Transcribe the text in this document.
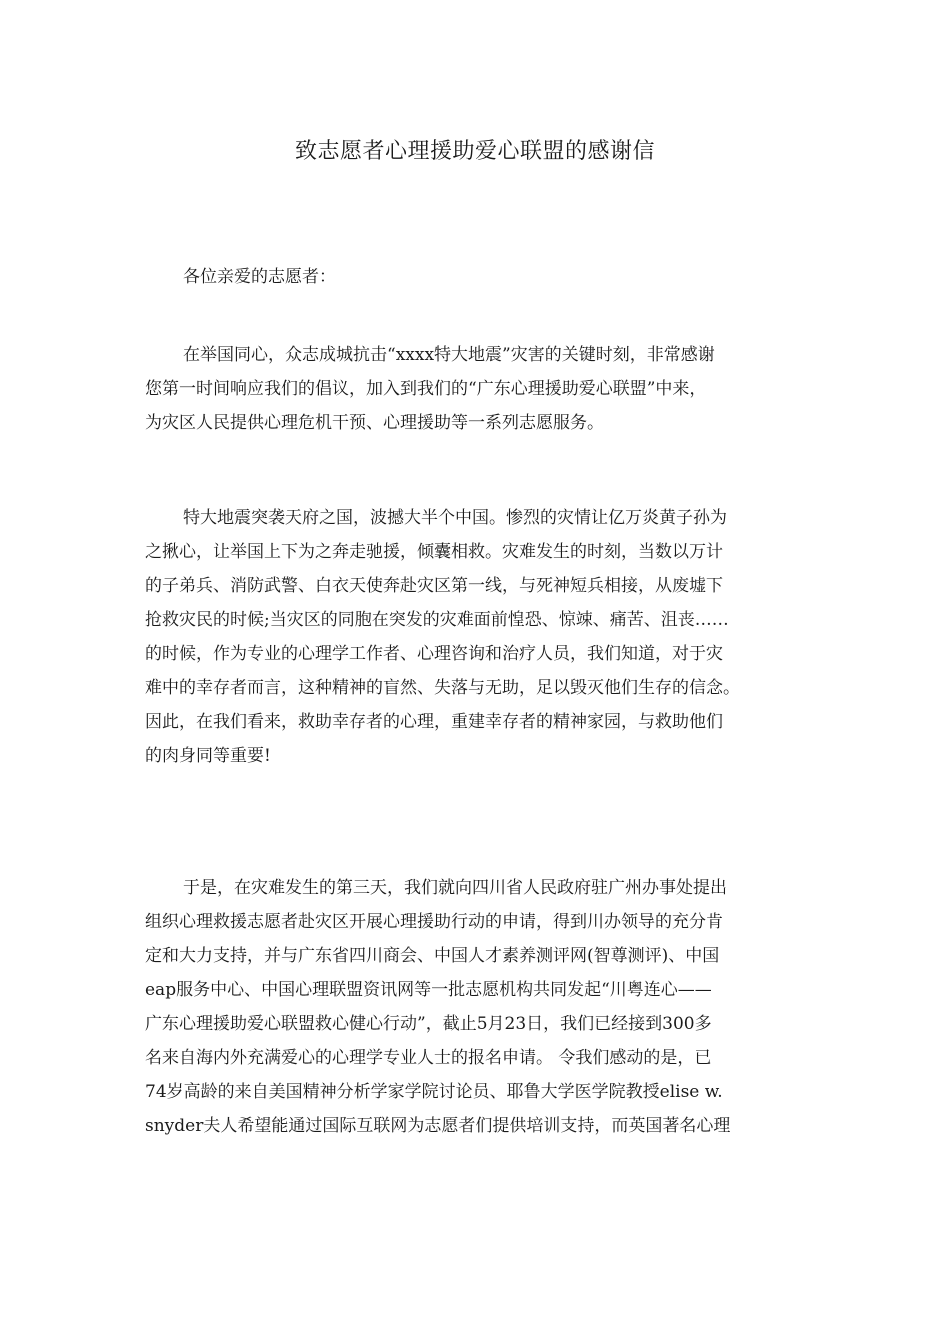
致志愿者心理援助爱心联盟的感谢信
各位亲爱的志愿者：
在举国同心，众志成城抗击“xxxx特大地震”灾害的关键时刻，非常感谢
您第一时间响应我们的倡议，加入到我们的“广东心理援助爱心联盟”中来，
为灾区人民提供心理危机干预、心理援助等一系列志愿服务。
特大地震突袭天府之国，波撼大半个中国。惨烈的灾情让亿万炎黄子孙为
之揪心，让举国上下为之奔走驰援，倾囊相救。灾难发生的时刻，当数以万计
的子弟兵、消防武警、白衣天使奔赴灾区第一线，与死神短兵相接，从废墟下
抢救灾民的时候;当灾区的同胞在突发的灾难面前惶恐、惊竦、痛苦、沮丧……
的时候，作为专业的心理学工作者、心理咨询和治疗人员，我们知道，对于灾
难中的幸存者而言，这种精神的盲然、失落与无助，足以毁灭他们生存的信念。
因此，在我们看来，救助幸存者的心理，重建幸存者的精神家园，与救助他们
的肉身同等重要!
于是，在灾难发生的第三天，我们就向四川省人民政府驻广州办事处提出
组织心理救援志愿者赴灾区开展心理援助行动的申请，得到川办领导的充分肯
定和大力支持，并与广东省四川商会、中国人才素养测评网(智尊测评)、中国
eap服务中心、中国心理联盟资讯网等一批志愿机构共同发起“川粤连心——
广东心理援助爱心联盟救心健心行动”，截止5月23日，我们已经接到300多
名来自海内外充满爱心的心理学专业人士的报名申请。 令我们感动的是，已
74岁高龄的来自美国精神分析学家学院讨论员、耶鲁大学医学院教授elise w.
snyder夫人希望能通过国际互联网为志愿者们提供培训支持，而英国著名心理
